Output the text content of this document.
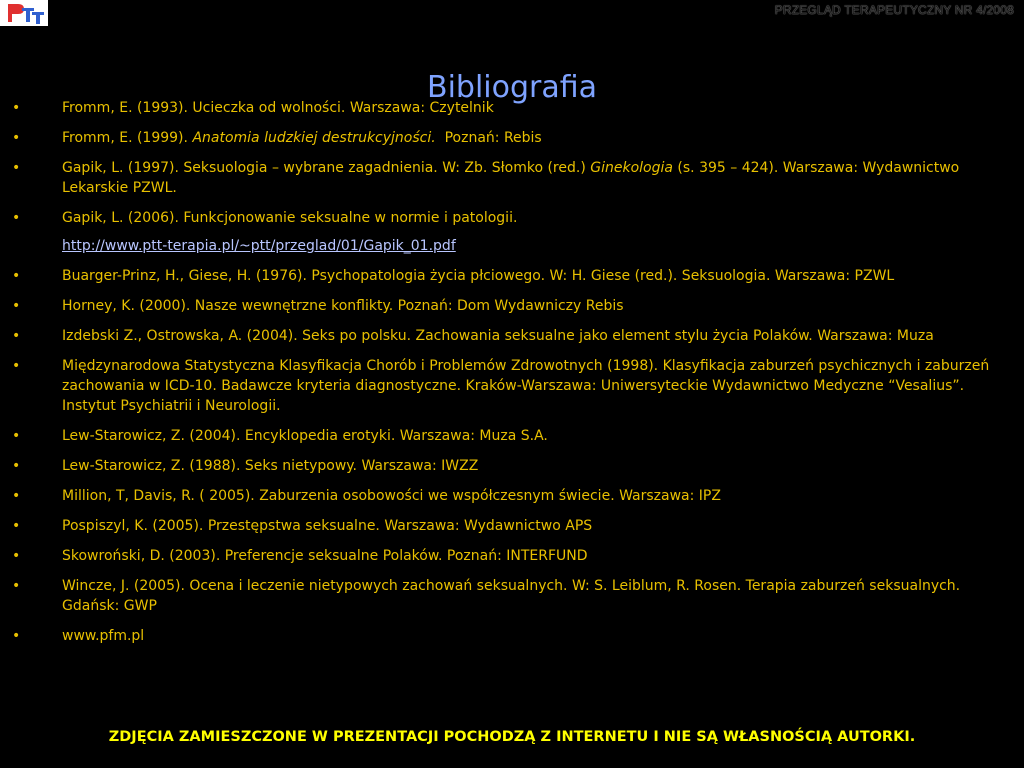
PRZEGLĄD TERAPEUTYCZNY NR 4/2008
Bibliografia
•	Fromm, E. (1993). Ucieczka od wolności. Warszawa: Czytelnik
•	Fromm, E. (1999). Anatomia ludzkiej destrukcyjności.  Poznań: Rebis
•	Gapik, L. (1997). Seksuologia – wybrane zagadnienia. W: Zb. Słomko (red.) Ginekologia (s. 395 – 424). Warszawa: Wydawnictwo Lekarskie PZWL.
•	Gapik, L. (2006). Funkcjonowanie seksualne w normie i patologii.
http://www.ptt-terapia.pl/~ptt/przeglad/01/Gapik_01.pdf
•	Buarger-Prinz, H., Giese, H. (1976). Psychopatologia życia płciowego. W: H. Giese (red.). Seksuologia. Warszawa: PZWL
•	Horney, K. (2000). Nasze wewnętrzne konflikty. Poznań: Dom Wydawniczy Rebis
•	Izdebski Z., Ostrowska, A. (2004). Seks po polsku. Zachowania seksualne jako element stylu życia Polaków. Warszawa: Muza
•	Międzynarodowa Statystyczna Klasyfikacja Chorób i Problemów Zdrowotnych (1998). Klasyfikacja zaburzeń psychicznych i zaburzeń zachowania w ICD-10. Badawcze kryteria diagnostyczne. Kraków-Warszawa: Uniwersyteckie Wydawnictwo Medyczne “Vesalius”. Instytut Psychiatrii i Neurologii.
•	Lew-Starowicz, Z. (2004). Encyklopedia erotyki. Warszawa: Muza S.A.
•	Lew-Starowicz, Z. (1988). Seks nietypowy. Warszawa: IWZZ
•	Million, T, Davis, R. ( 2005). Zaburzenia osobowości we współczesnym świecie. Warszawa: IPZ
•	Pospiszyl, K. (2005). Przestępstwa seksualne. Warszawa: Wydawnictwo APS
•	Skowroński, D. (2003). Preferencje seksualne Polaków. Poznań: INTERFUND
•	Wincze, J. (2005). Ocena i leczenie nietypowych zachowań seksualnych. W: S. Leiblum, R. Rosen. Terapia zaburzeń seksualnych. Gdańsk: GWP
•	www.pfm.pl
ZDJĘCIA ZAMIESZCZONE W PREZENTACJI POCHODZĄ Z INTERNETU I NIE SĄ WŁASNOŚCIĄ AUTORKI.
